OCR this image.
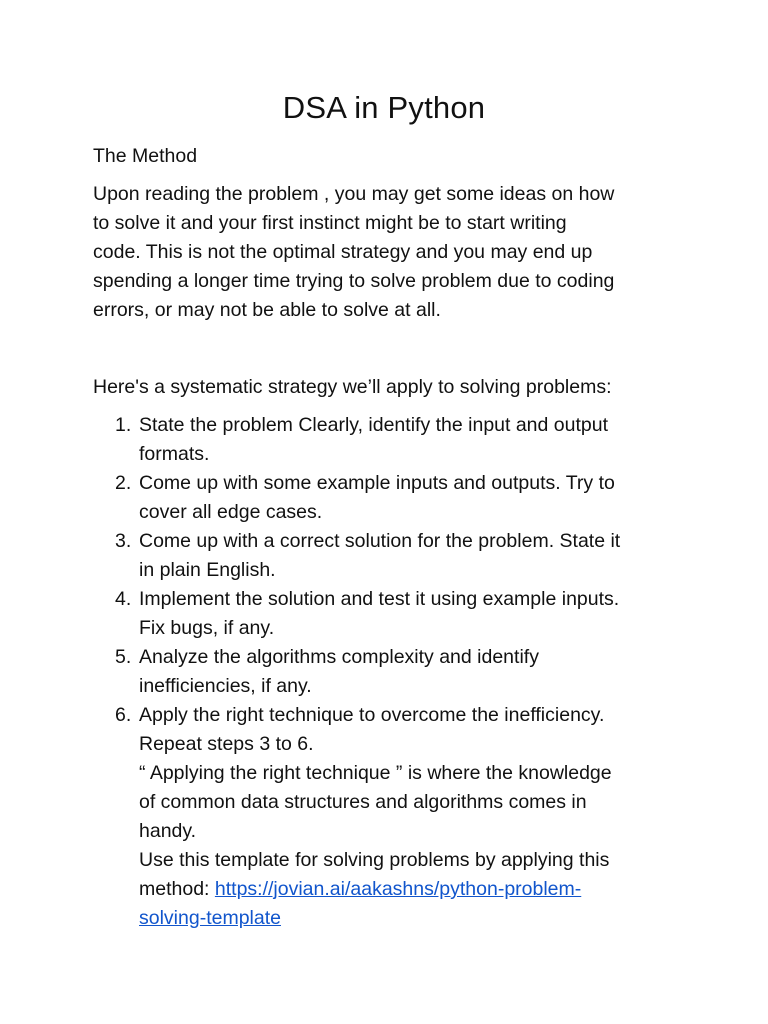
DSA in Python

The Method

Upon reading the problem , you may get some ideas on how
to solve it and your first instinct might be to start writing
code. This is not the optimal strategy and you may end up
spending a longer time trying to solve problem due to coding
errors, or may not be able to solve at all.

Here's a systematic strategy we’ll apply to solving problems:

1. State the problem Clearly, identify the input and output
formats.
2. Come up with some example inputs and outputs. Try to
cover all edge cases.
3. Come up with a correct solution for the problem. State it
in plain English.
4. Implement the solution and test it using example inputs.
Fix bugs, if any.
5. Analyze the algorithms complexity and identify
inefficiencies, if any.
6. Apply the right technique to overcome the inefficiency.
Repeat steps 3 to 6.
“ Applying the right technique ” is where the knowledge
of common data structures and algorithms comes in
handy.
Use this template for solving problems by applying this
method: https://jovian.ai/aakashns/python-problem-
solving-template
